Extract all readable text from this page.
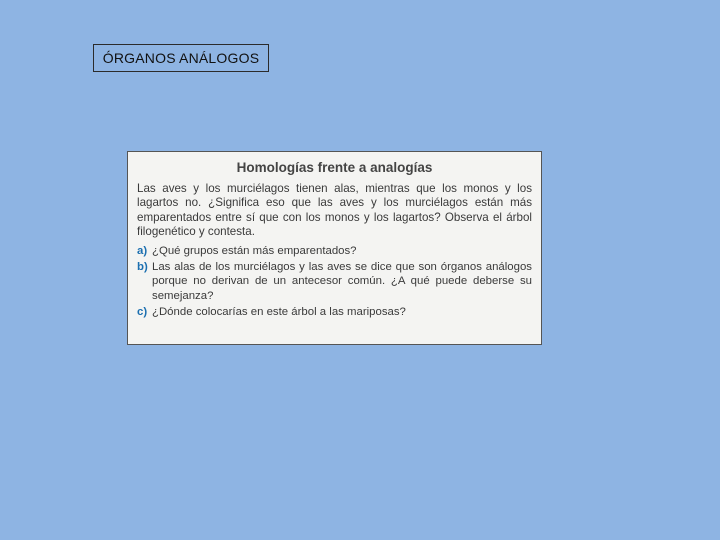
ÓRGANOS ANÁLOGOS
Homologías frente a analogías
Las aves y los murciélagos tienen alas, mientras que los monos y los lagartos no. ¿Significa eso que las aves y los murciélagos están más emparentados entre sí que con los monos y los lagartos? Observa el árbol filogenético y contesta.
a) ¿Qué grupos están más emparentados?
b) Las alas de los murciélagos y las aves se dice que son órganos análogos porque no derivan de un antecesor común. ¿A qué puede deberse su semejanza?
c) ¿Dónde colocarías en este árbol a las mariposas?
